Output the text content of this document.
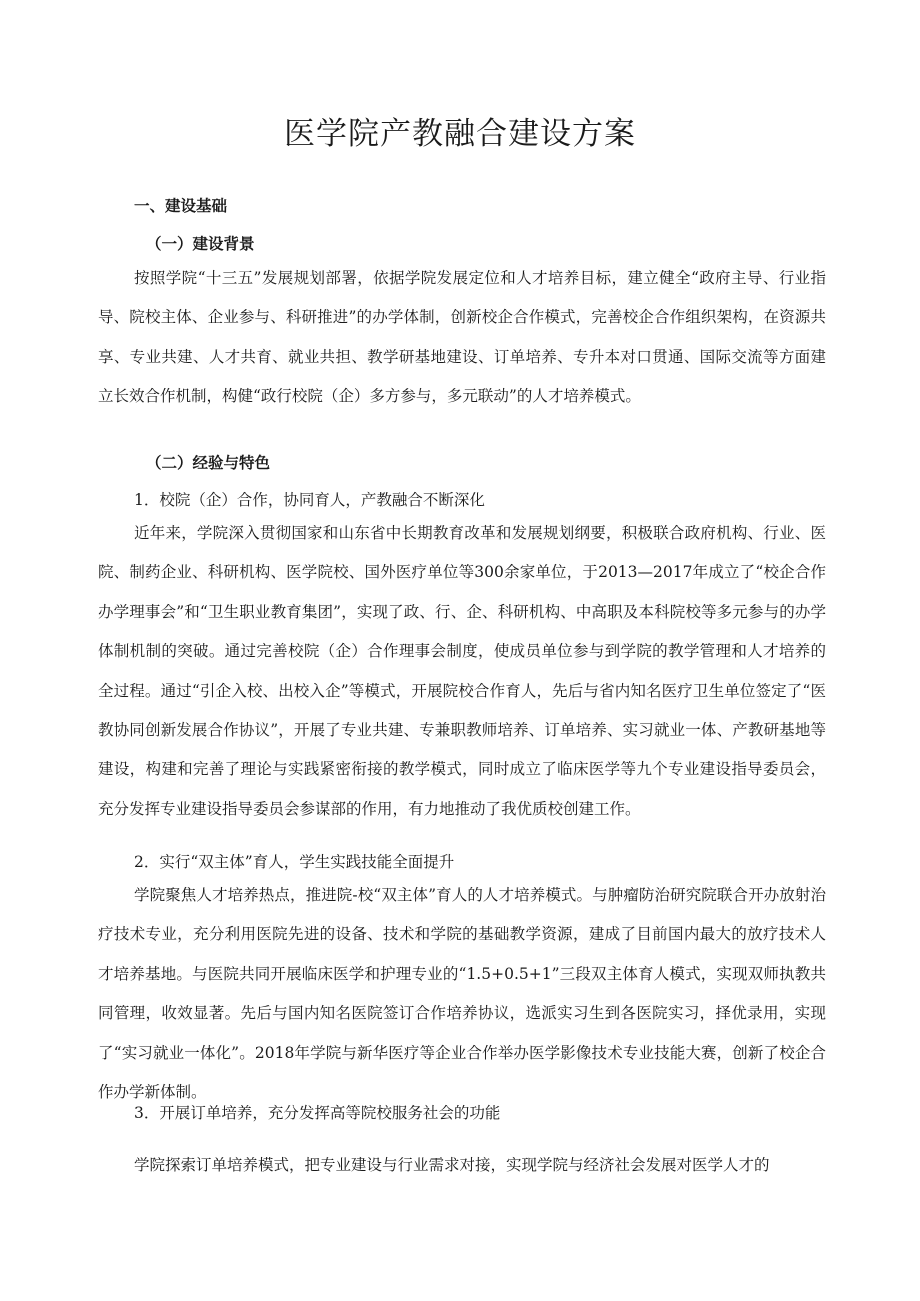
医学院产教融合建设方案
一、建设基础
（一）建设背景

按照学院“十三五”发展规划部署，依据学院发展定位和人才培养目标，建立健全“政府主导、行业指导、院校主体、企业参与、科研推进”的办学体制，创新校企合作模式，完善校企合作组织架构，在资源共享、专业共建、人才共育、就业共担、教学研基地建设、订单培养、专升本对口贯通、国际交流等方面建立长效合作机制，构健“政行校院（企）多方参与，多元联动”的人才培养模式。

（二）经验与特色
1．校院（企）合作，协同育人，产教融合不断深化

近年来，学院深入贯彻国家和山东省中长期教育改革和发展规划纲要，积极联合政府机构、行业、医院、制药企业、科研机构、医学院校、国外医疗单位等300余家单位，于2013—2017年成立了“校企合作办学理事会”和“卫生职业教育集团”，实现了政、行、企、科研机构、中高职及本科院校等多元参与的办学体制机制的突破。通过完善校院（企）合作理事会制度，使成员单位参与到学院的教学管理和人才培养的全过程。通过“引企入校、出校入企”等模式，开展院校合作育人，先后与省内知名医疗卫生单位签定了“医教协同创新发展合作协议”，开展了专业共建、专兼职教师培养、订单培养、实习就业一体、产教研基地等建设，构建和完善了理论与实践紧密衔接的教学模式，同时成立了临床医学等九个专业建设指导委员会，充分发挥专业建设指导委员会参谋部的作用，有力地推动了我优质校创建工作。

2．实行“双主体”育人，学生实践技能全面提升

学院聚焦人才培养热点，推进院-校“双主体”育人的人才培养模式。与肿瘤防治研究院联合开办放射治疗技术专业，充分利用医院先进的设备、技术和学院的基础教学资源，建成了目前国内最大的放疗技术人才培养基地。与医院共同开展临床医学和护理专业的“1.5+0.5+1”三段双主体育人模式，实现双师执教共同管理，收效显著。先后与国内知名医院签订合作培养协议，选派实习生到各医院实习，择优录用，实现了“实习就业一体化”。2018年学院与新华医疗等企业合作举办医学影像技术专业技能大赛，创新了校企合作办学新体制。

3．开展订单培养，充分发挥高等院校服务社会的功能

学院探索订单培养模式，把专业建设与行业需求对接，实现学院与经济社会发展对医学人才的
